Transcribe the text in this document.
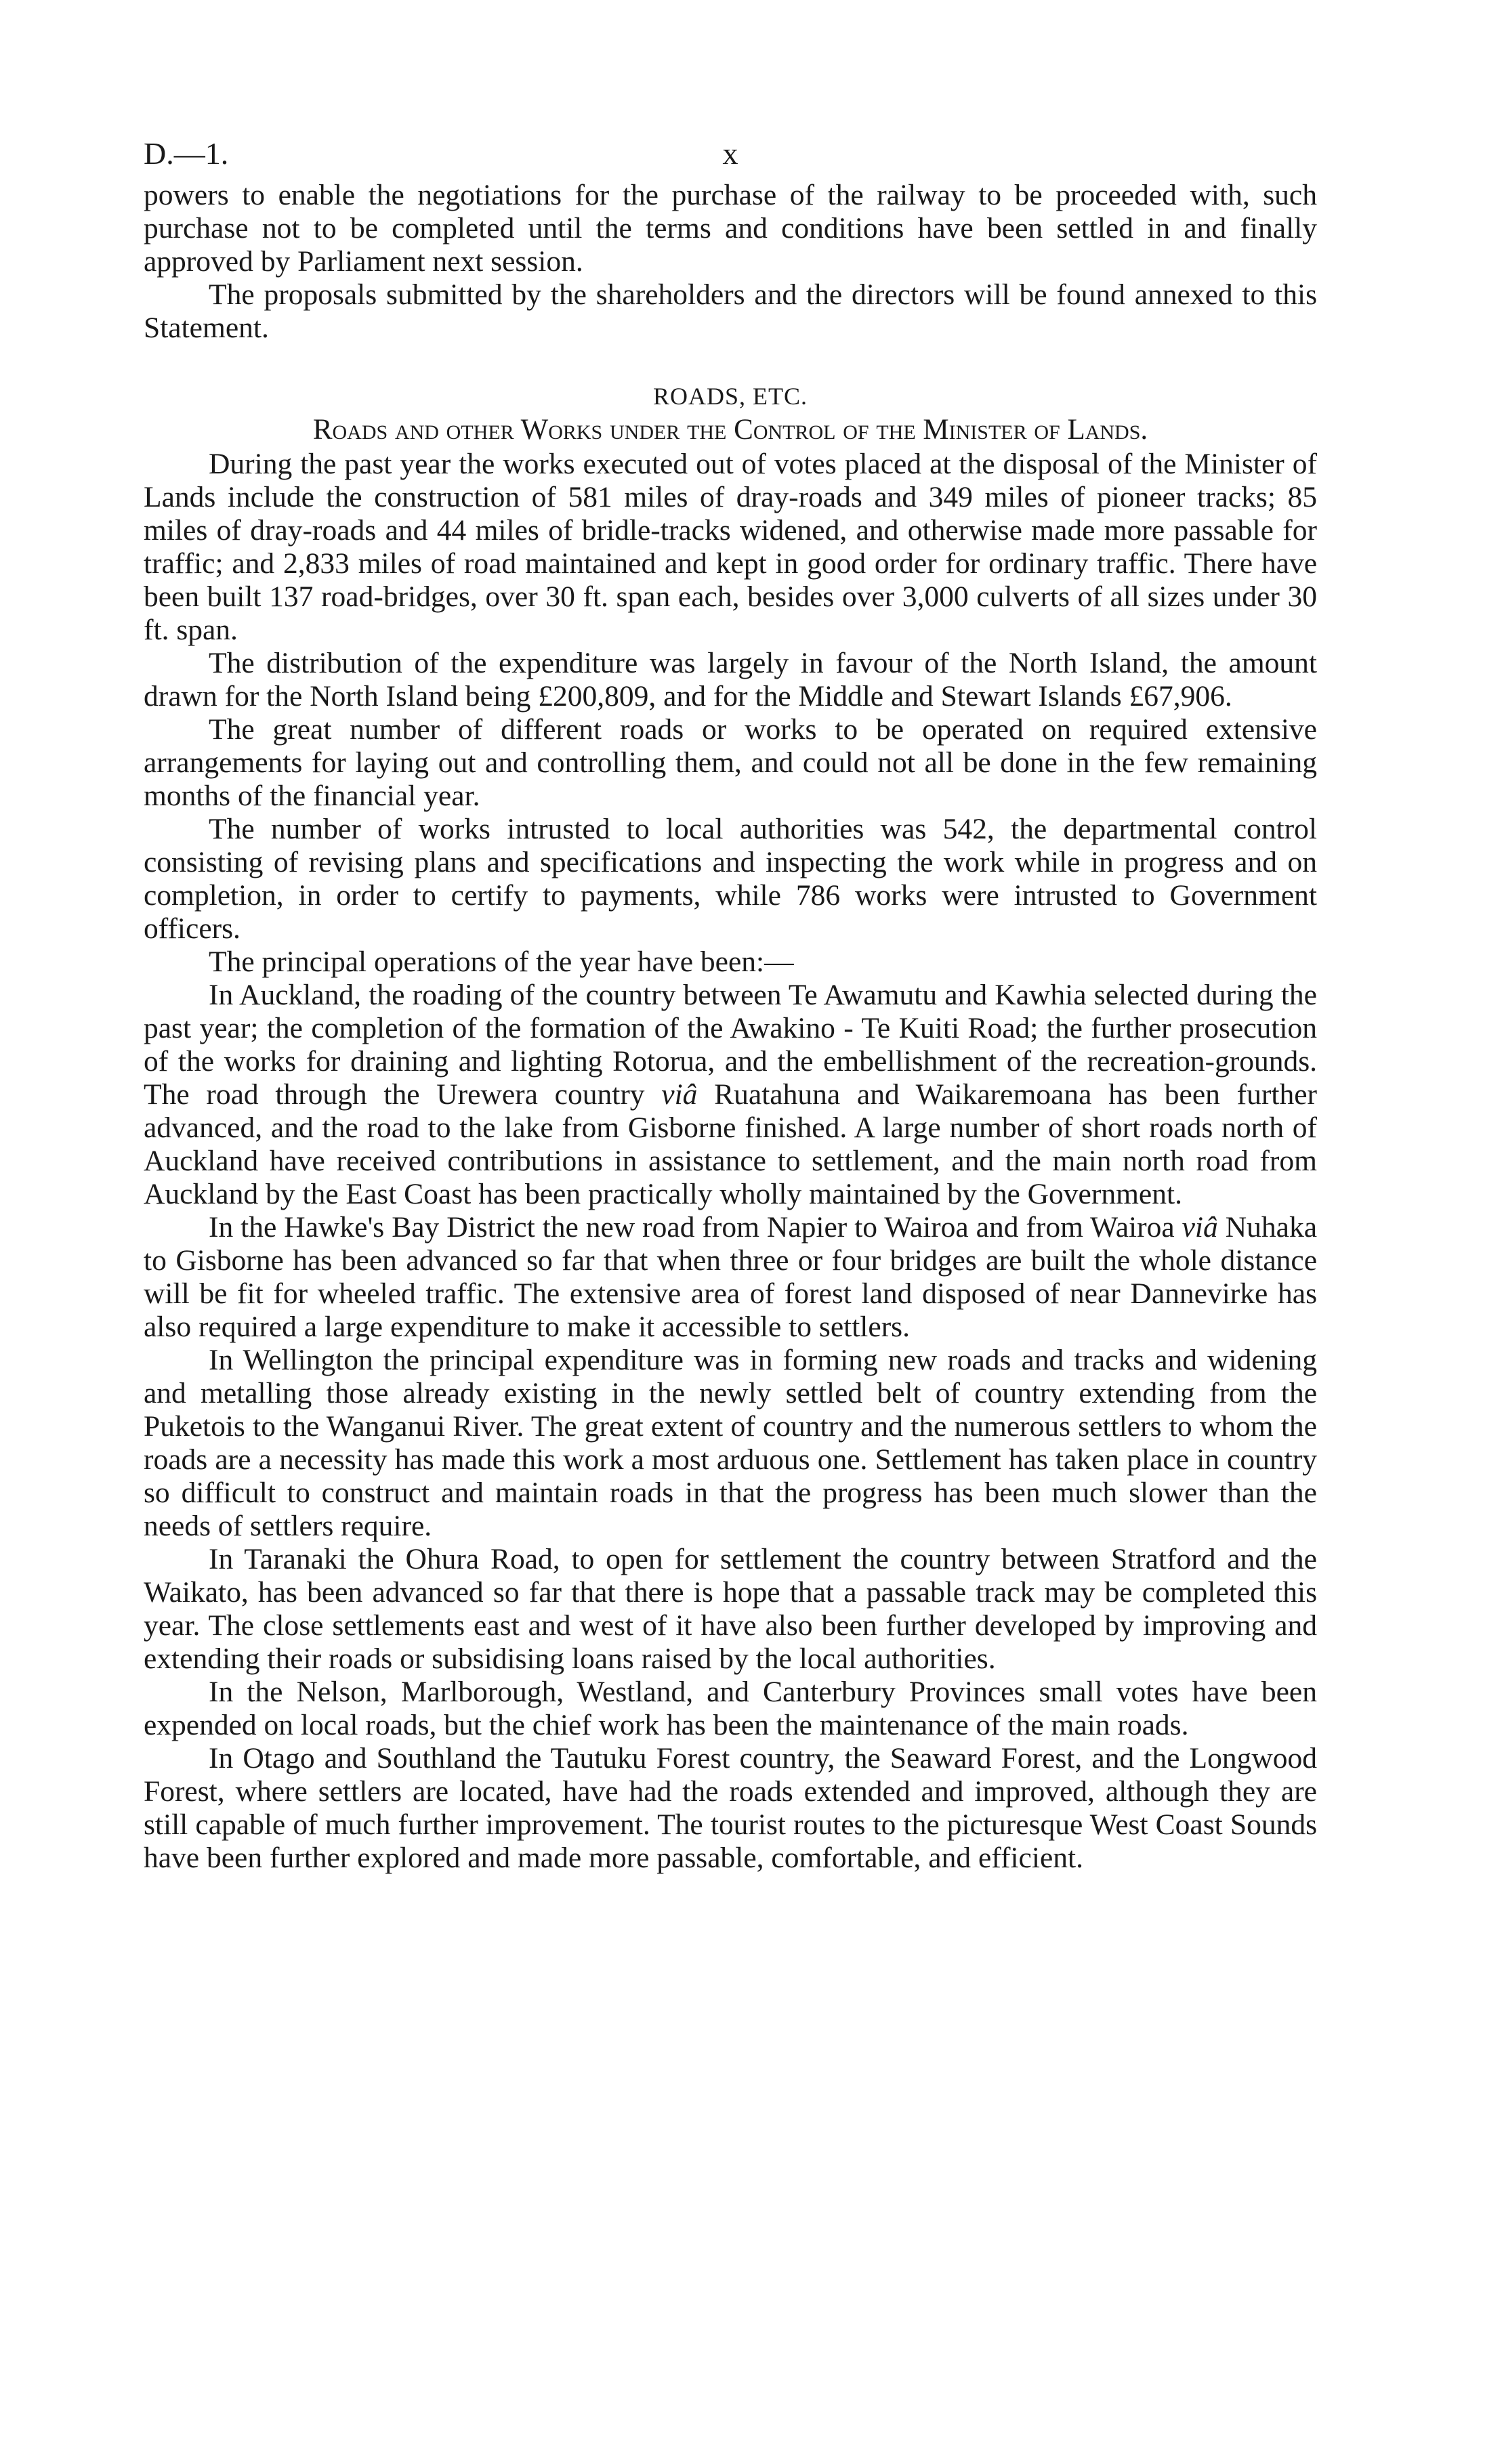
D.—1.	x

powers to enable the negotiations for the purchase of the railway to be proceeded with, such purchase not to be completed until the terms and conditions have been settled in and finally approved by Parliament next session.

The proposals submitted by the shareholders and the directors will be found annexed to this Statement.

ROADS, ETC.
Roads and other Works under the Control of the Minister of Lands.

During the past year the works executed out of votes placed at the disposal of the Minister of Lands include the construction of 581 miles of dray-roads and 349 miles of pioneer tracks; 85 miles of dray-roads and 44 miles of bridle-tracks widened, and otherwise made more passable for traffic; and 2,833 miles of road maintained and kept in good order for ordinary traffic. There have been built 137 road-bridges, over 30 ft. span each, besides over 3,000 culverts of all sizes under 30 ft. span.

The distribution of the expenditure was largely in favour of the North Island, the amount drawn for the North Island being £200,809, and for the Middle and Stewart Islands £67,906.

The great number of different roads or works to be operated on required extensive arrangements for laying out and controlling them, and could not all be done in the few remaining months of the financial year.

The number of works intrusted to local authorities was 542, the departmental control consisting of revising plans and specifications and inspecting the work while in progress and on completion, in order to certify to payments, while 786 works were intrusted to Government officers.

The principal operations of the year have been:—

In Auckland, the roading of the country between Te Awamutu and Kawhia selected during the past year; the completion of the formation of the Awakino - Te Kuiti Road; the further prosecution of the works for draining and lighting Rotorua, and the embellishment of the recreation-grounds. The road through the Urewera country viâ Ruatahuna and Waikaremoana has been further advanced, and the road to the lake from Gisborne finished. A large number of short roads north of Auckland have received contributions in assistance to settlement, and the main north road from Auckland by the East Coast has been practically wholly maintained by the Government.

In the Hawke's Bay District the new road from Napier to Wairoa and from Wairoa viâ Nuhaka to Gisborne has been advanced so far that when three or four bridges are built the whole distance will be fit for wheeled traffic. The extensive area of forest land disposed of near Dannevirke has also required a large expenditure to make it accessible to settlers.

In Wellington the principal expenditure was in forming new roads and tracks and widening and metalling those already existing in the newly settled belt of country extending from the Puketois to the Wanganui River. The great extent of country and the numerous settlers to whom the roads are a necessity has made this work a most arduous one. Settlement has taken place in country so difficult to construct and maintain roads in that the progress has been much slower than the needs of settlers require.

In Taranaki the Ohura Road, to open for settlement the country between Stratford and the Waikato, has been advanced so far that there is hope that a passable track may be completed this year. The close settlements east and west of it have also been further developed by improving and extending their roads or subsidising loans raised by the local authorities.

In the Nelson, Marlborough, Westland, and Canterbury Provinces small votes have been expended on local roads, but the chief work has been the maintenance of the main roads.

In Otago and Southland the Tautuku Forest country, the Seaward Forest, and the Longwood Forest, where settlers are located, have had the roads extended and improved, although they are still capable of much further improvement. The tourist routes to the picturesque West Coast Sounds have been further explored and made more passable, comfortable, and efficient.
